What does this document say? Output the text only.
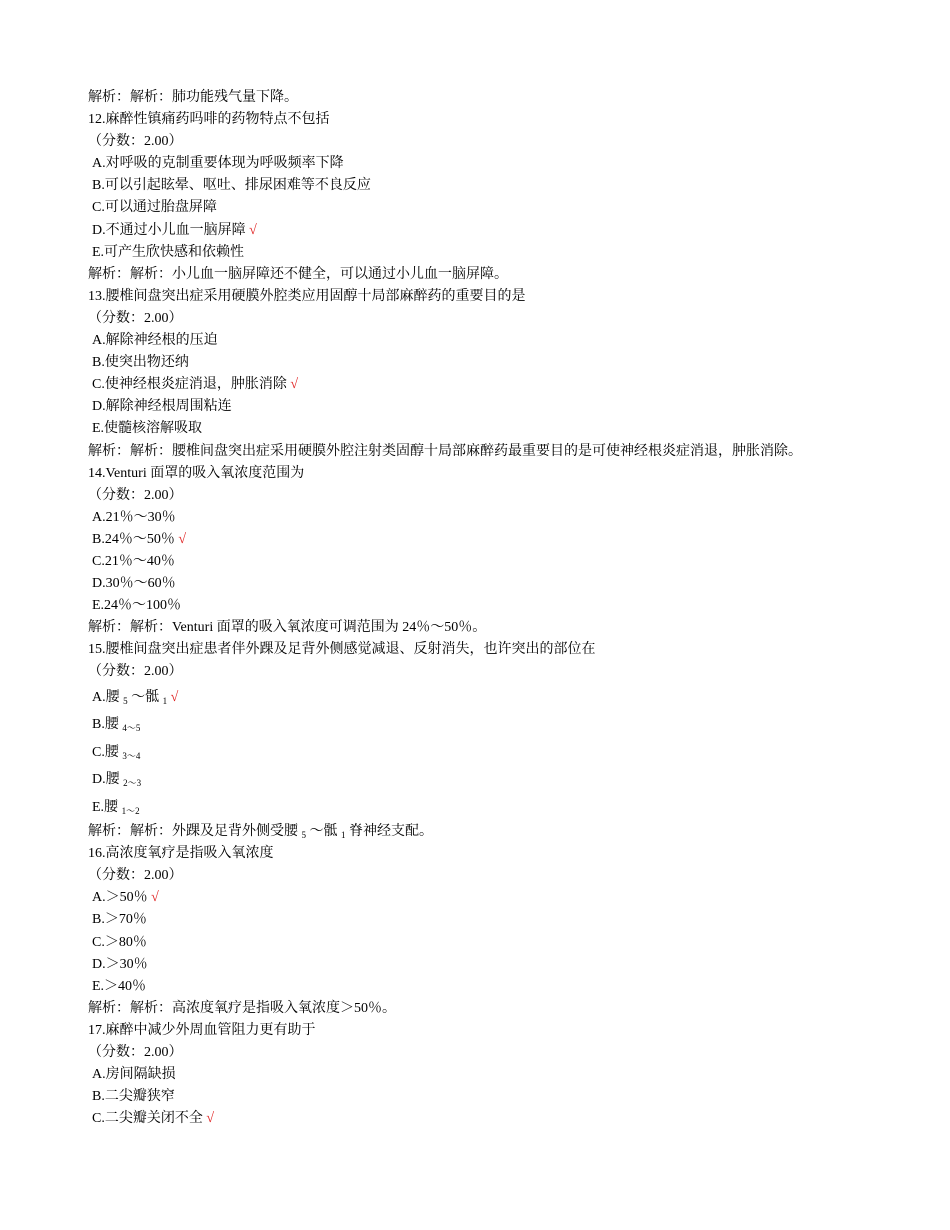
解析：解析：肺功能残气量下降。
12.麻醉性镇痛药吗啡的药物特点不包括
（分数：2.00）
A.对呼吸的克制重要体现为呼吸频率下降
B.可以引起眩晕、呕吐、排尿困难等不良反应
C.可以通过胎盘屏障
D.不通过小儿血一脑屏障 √
E.可产生欣快感和依赖性
解析：解析：小儿血一脑屏障还不健全，可以通过小儿血一脑屏障。
13.腰椎间盘突出症采用硬膜外腔类应用固醇十局部麻醉药的重要目的是
（分数：2.00）
A.解除神经根的压迫
B.使突出物还纳
C.使神经根炎症消退，肿胀消除 √
D.解除神经根周围粘连
E.使髓核溶解吸取
解析：解析：腰椎间盘突出症采用硬膜外腔注射类固醇十局部麻醉药最重要目的是可使神经根炎症消退，肿胀消除。
14.Venturi 面罩的吸入氧浓度范围为
（分数：2.00）
A.21％～30％
B.24％～50％ √
C.21％～40％
D.30％～60％
E.24％～100％
解析：解析：Venturi 面罩的吸入氧浓度可调范围为 24％～50％。
15.腰椎间盘突出症患者伴外踝及足背外侧感觉减退、反射消失，也许突出的部位在
（分数：2.00）
A.腰 $_5$ ～骶 $_1$ √
B.腰 $_{4\sim 5}$
C.腰 $_{3\sim 4}$
D.腰 $_{2\sim 3}$
E.腰 $_{1\sim 2}$
解析：解析：外踝及足背外侧受腰 $_5$ ～骶 $_1$ 脊神经支配。
16.高浓度氧疗是指吸入氧浓度
（分数：2.00）
A.＞50％ √
B.＞70％
C.＞80％
D.＞30％
E.＞40％
解析：解析：高浓度氧疗是指吸入氧浓度＞50％。
17.麻醉中减少外周血管阻力更有助于
（分数：2.00）
A.房间隔缺损
B.二尖瓣狭窄
C.二尖瓣关闭不全 √
